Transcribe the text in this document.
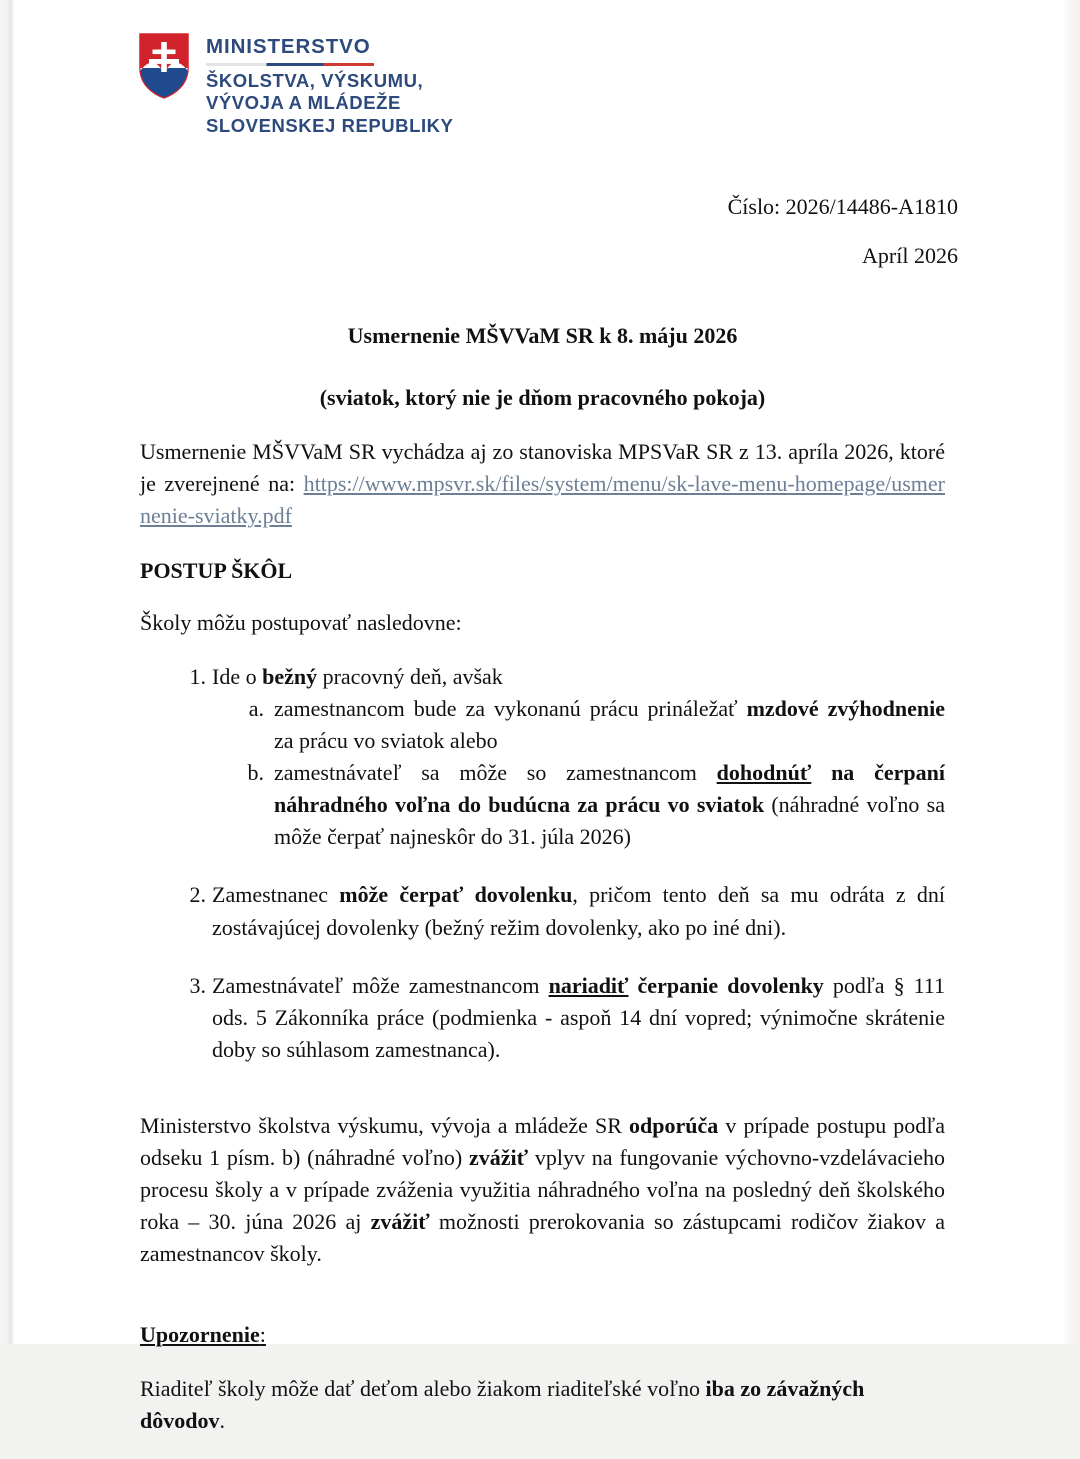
MINISTERSTVO
ŠKOLSTVA, VÝSKUMU,
VÝVOJA A MLÁDEŽE
SLOVENSKEJ REPUBLIKY
Číslo: 2026/14486-A1810
Apríl 2026
Usmernenie MŠVVaM SR k 8. máju 2026
(sviatok, ktorý nie je dňom pracovného pokoja)

Usmernenie MŠVVaM SR vychádza aj zo stanoviska MPSVaR SR z 13. apríla 2026, ktoré je zverejnené na: https://www.mpsvr.sk/files/system/menu/sk-lave-menu-homepage/usmernenie-sviatky.pdf

POSTUP ŠKÔL
Školy môžu postupovať nasledovne:
1. Ide o bežný pracovný deň, avšak
a. zamestnancom bude za vykonanú prácu prináležať mzdové zvýhodnenie za prácu vo sviatok alebo
b. zamestnávateľ sa môže so zamestnancom dohodnúť na čerpaní náhradného voľna do budúcna za prácu vo sviatok (náhradné voľno sa môže čerpať najneskôr do 31. júla 2026)
2. Zamestnanec môže čerpať dovolenku, pričom tento deň sa mu odráta z dní zostávajúcej dovolenky (bežný režim dovolenky, ako po iné dni).
3. Zamestnávateľ môže zamestnancom nariadiť čerpanie dovolenky podľa § 111 ods. 5 Zákonníka práce (podmienka - aspoň 14 dní vopred; výnimočne skrátenie doby so súhlasom zamestnanca).

Ministerstvo školstva výskumu, vývoja a mládeže SR odporúča v prípade postupu podľa odseku 1 písm. b) (náhradné voľno) zvážiť vplyv na fungovanie výchovno-vzdelávacieho procesu školy a v prípade zváženia využitia náhradného voľna na posledný deň školského roka – 30. júna 2026 aj zvážiť možnosti prerokovania so zástupcami rodičov žiakov a zamestnancov školy.

Upozornenie:

Riaditeľ školy môže dať deťom alebo žiakom riaditeľské voľno iba zo závažných dôvodov.
